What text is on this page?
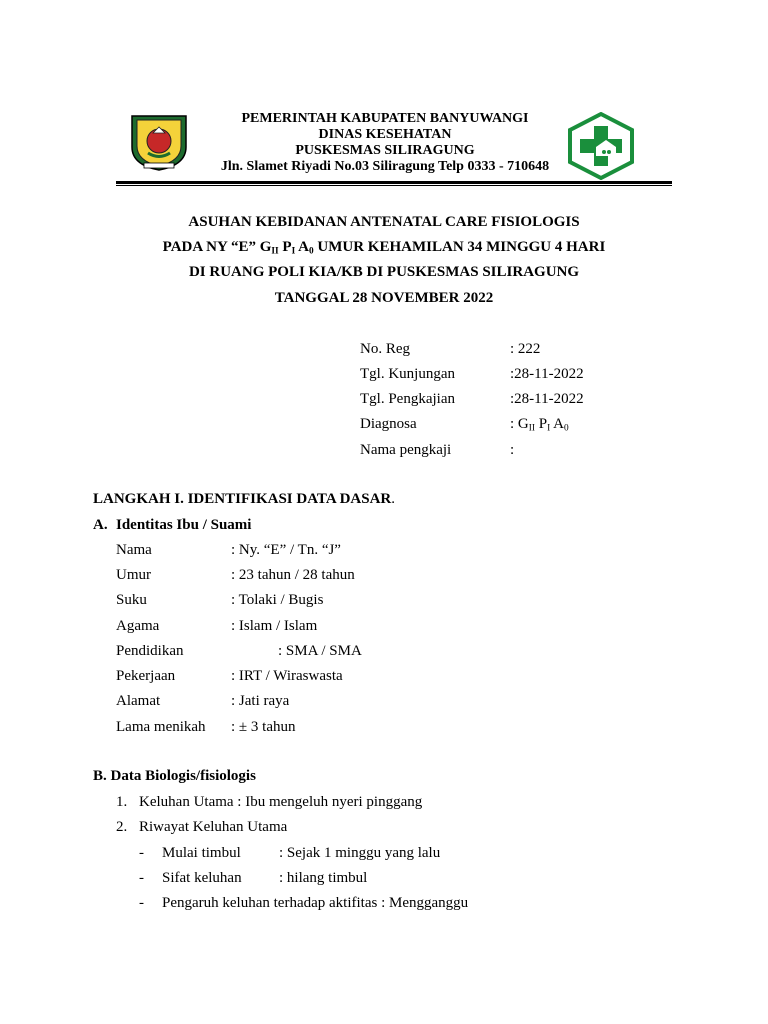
PEMERINTAH KABUPATEN BANYUWANGI
DINAS KESEHATAN
PUSKESMAS SILIRAGUNG
Jln. Slamet Riyadi No.03 Siliragung Telp 0333 - 710648
ASUHAN KEBIDANAN ANTENATAL CARE FISIOLOGIS
PADA NY “E” $G_{II}$ $P_I$ $A_0$ UMUR KEHAMILAN 34 MINGGU 4 HARI
DI RUANG POLI KIA/KB DI PUSKESMAS SILIRAGUNG
TANGGAL 28 NOVEMBER 2022
No. Reg	: 222
Tgl. Kunjungan	:28-11-2022
Tgl. Pengkajian	:28-11-2022
Diagnosa	: $G_{II}$ $P_I$ $A_0$
Nama pengkaji	:
LANGKAH I. IDENTIFIKASI DATA DASAR.
A. Identitas Ibu / Suami
Nama	: Ny. “E” / Tn. “J”
Umur	: 23 tahun / 28 tahun
Suku	: Tolaki / Bugis
Agama	: Islam / Islam
Pendidikan	: SMA / SMA
Pekerjaan	: IRT / Wiraswasta
Alamat	: Jati raya
Lama menikah : ± 3 tahun
B. Data Biologis/fisiologis
1. Keluhan Utama : Ibu mengeluh nyeri pinggang
2. Riwayat Keluhan Utama
- Mulai timbul	: Sejak 1 minggu yang lalu
- Sifat keluhan : hilang timbul
- Pengaruh keluhan terhadap aktifitas : Mengganggu
